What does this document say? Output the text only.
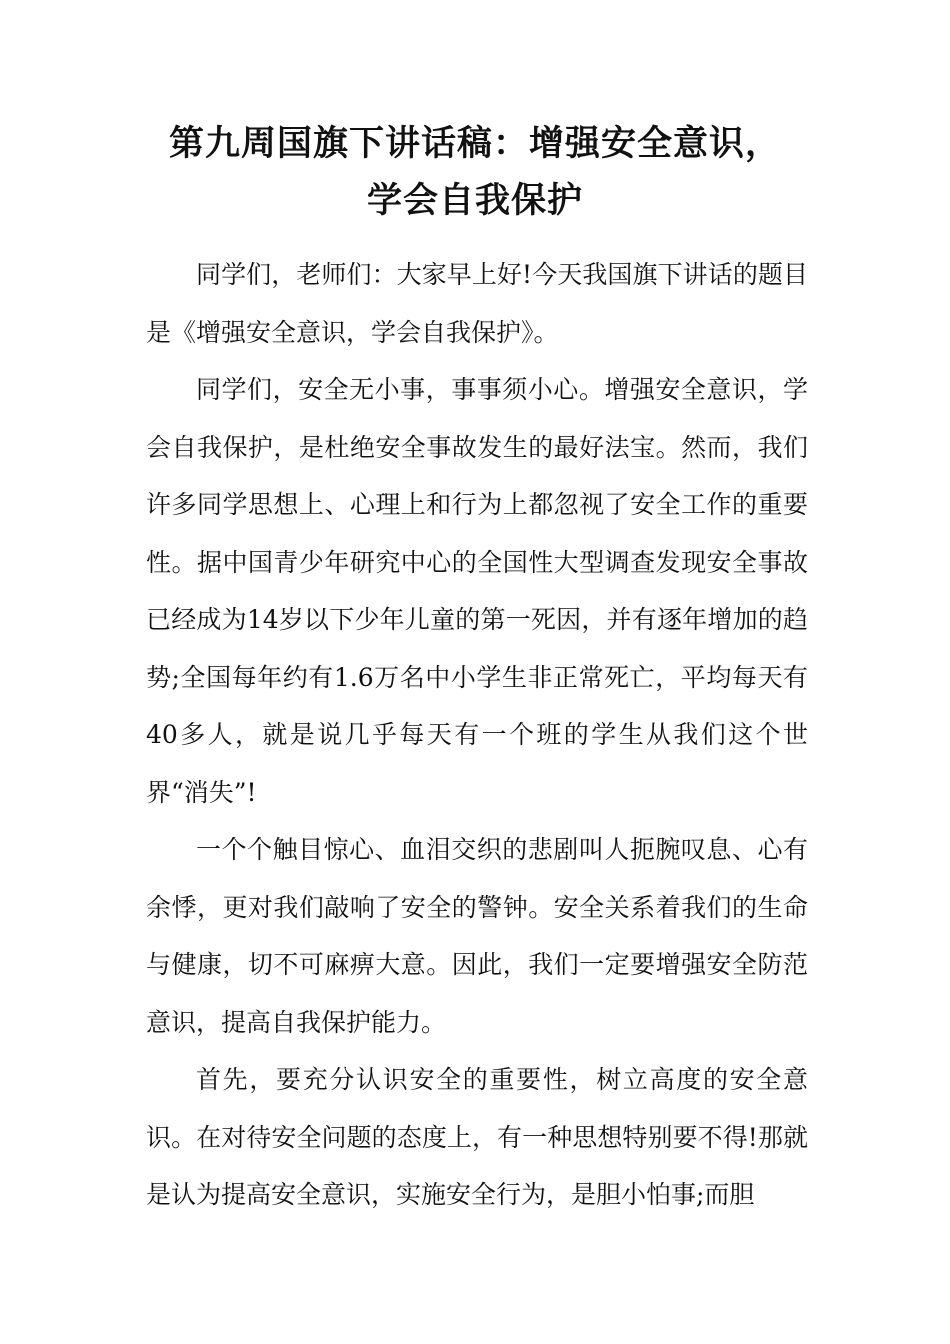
第九周国旗下讲话稿：增强安全意识，
学会自我保护

同学们，老师们：大家早上好!今天我国旗下讲话的题目是《增强安全意识，学会自我保护》。

同学们，安全无小事，事事须小心。增强安全意识，学会自我保护，是杜绝安全事故发生的最好法宝。然而，我们许多同学思想上、心理上和行为上都忽视了安全工作的重要性。据中国青少年研究中心的全国性大型调查发现安全事故已经成为14岁以下少年儿童的第一死因，并有逐年增加的趋势;全国每年约有1.6万名中小学生非正常死亡，平均每天有40多人，就是说几乎每天有一个班的学生从我们这个世界“消失”!

一个个触目惊心、血泪交织的悲剧叫人扼腕叹息、心有余悸，更对我们敲响了安全的警钟。安全关系着我们的生命与健康，切不可麻痹大意。因此，我们一定要增强安全防范意识，提高自我保护能力。

首先，要充分认识安全的重要性，树立高度的安全意识。在对待安全问题的态度上，有一种思想特别要不得!那就是认为提高安全意识，实施安全行为，是胆小怕事;而胆
